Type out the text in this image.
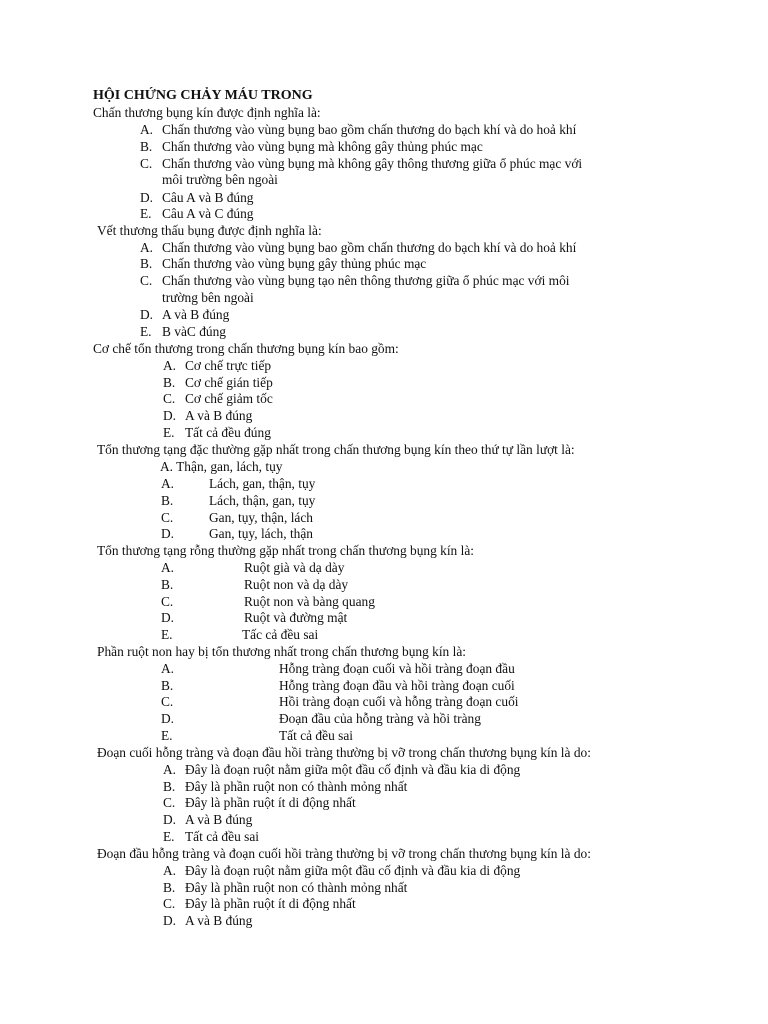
HỘI CHỨNG CHẢY MÁU TRONG
Chấn thương bụng kín được định nghĩa là:
A. Chấn thương vào vùng bụng bao gồm chấn thương do bạch khí và do hoả khí
B. Chấn thương vào vùng bụng mà không gây thủng phúc mạc
C. Chấn thương vào vùng bụng mà không gây thông thương giữa ổ phúc mạc với
môi trường bên ngoài
D. Câu A và B đúng
E. Câu A và C đúng
Vết thương thấu bụng được định nghĩa là:
A. Chấn thương vào vùng bụng bao gồm chấn thương do bạch khí và do hoả khí
B. Chấn thương vào vùng bụng gây thủng phúc mạc
C. Chấn thương vào vùng bụng tạo nên thông thương giữa ổ phúc mạc với môi
trường bên ngoài
D. A và B đúng
E. B vàC đúng
Cơ chế tổn thương trong chấn thương bụng kín bao gồm:
A. Cơ chế trực tiếp
B. Cơ chế gián tiếp
C. Cơ chế giảm tốc
D. A và B đúng
E. Tất cả đều đúng
Tổn thương tạng đặc thường gặp nhất trong chấn thương bụng kín theo thứ tự lần lượt là:
A. Thận, gan, lách, tụy
A.	Lách, gan, thận, tụy
B.	Lách, thận, gan, tụy
C.	Gan, tụy, thận, lách
D.	Gan, tụy, lách, thận
Tổn thương tạng rỗng thường gặp nhất trong chấn thương bụng kín là:
A.	Ruột già và dạ dày
B.	Ruột non và dạ dày
C.	Ruột non và bàng quang
D.	Ruột và đường mật
E.	Tấc cả đều sai
Phần ruột non hay bị tổn thương nhất trong chấn thương bụng kín là:
A.	Hỗng tràng đoạn cuối và hồi tràng đoạn đầu
B.	Hỗng tràng đoạn đầu và hồi tràng đoạn cuối
C.	Hồi tràng đoạn cuối và hỗng tràng đoạn cuối
D.	Đoạn đầu của hỗng tràng và hồi tràng
E.	Tất cả đều sai
Đoạn cuối hỗng tràng và đoạn đầu hồi tràng thường bị vỡ trong chấn thương bụng kín là do:
A. Đây là đoạn ruột nằm giữa một đầu cố định và đầu kia di động
B. Đây là phần ruột non có thành mỏng nhất
C. Đây là phần ruột ít di động nhất
D. A và B đúng
E. Tất cả đều sai
Đoạn đầu hỗng tràng và đoạn cuối hồi tràng thường bị vỡ trong chấn thương bụng kín là do:
A. Đây là đoạn ruột nằm giữa một đầu cố định và đầu kia di động
B. Đây là phần ruột non có thành mỏng nhất
C. Đây là phần ruột ít di động nhất
D. A và B đúng
